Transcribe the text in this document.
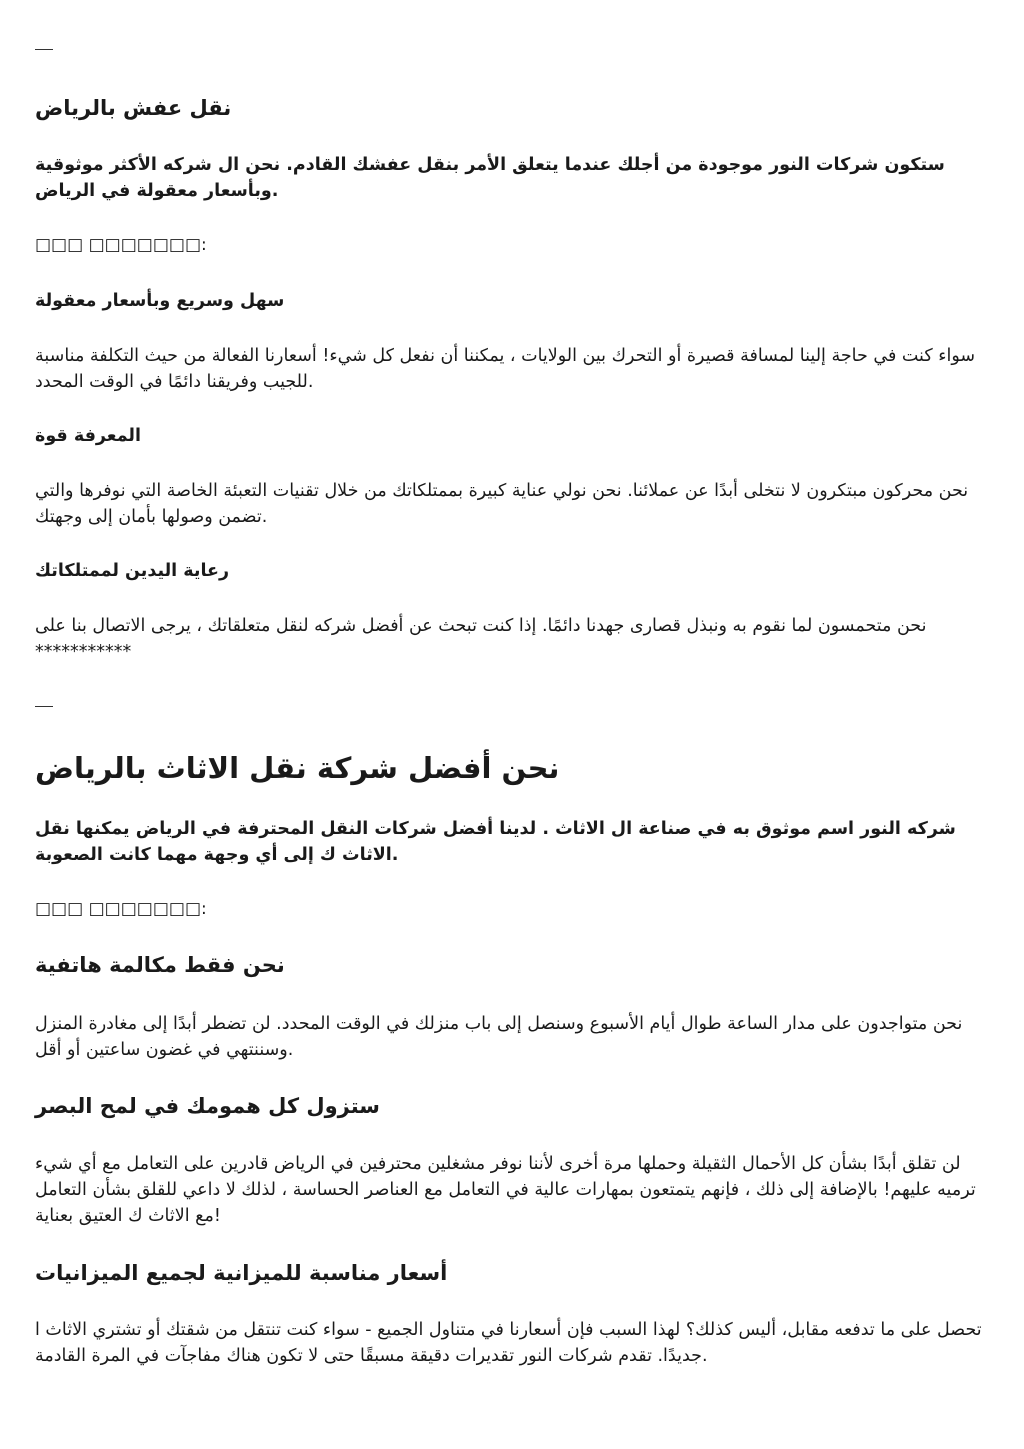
نقل عفش بالرياض
ستكون شركات النور موجودة من أجلك عندما يتعلق الأمر بنقل عفشك القادم. نحن ال شركه الأكثر موثوقية وبأسعار معقولة في الرياض.
□□□ □□□□□□□:
سهل وسريع وبأسعار معقولة
سواء كنت في حاجة إلينا لمسافة قصيرة أو التحرك بين الولايات ، يمكننا أن نفعل كل شيء! أسعارنا الفعالة من حيث التكلفة مناسبة للجيب وفريقنا دائمًا في الوقت المحدد.
المعرفة قوة
نحن محركون مبتكرون لا نتخلى أبدًا عن عملائنا. نحن نولي عناية كبيرة بممتلكاتك من خلال تقنيات التعبئة الخاصة التي نوفرها والتي تضمن وصولها بأمان إلى وجهتك.
رعاية اليدين لممتلكاتك
نحن متحمسون لما نقوم به ونبذل قصارى جهدنا دائمًا. إذا كنت تبحث عن أفضل شركه لنقل متعلقاتك ، يرجى الاتصال بنا على ***********
نحن أفضل شركة نقل الاثاث بالرياض
شركه النور اسم موثوق به في صناعة ال الاثاث . لدينا أفضل شركات النقل المحترفة في الرياض يمكنها نقل الاثاث ك إلى أي وجهة مهما كانت الصعوبة.
□□□ □□□□□□□:
نحن فقط مكالمة هاتفية
نحن متواجدون على مدار الساعة طوال أيام الأسبوع وسنصل إلى باب منزلك في الوقت المحدد. لن تضطر أبدًا إلى مغادرة المنزل وسننتهي في غضون ساعتين أو أقل.
ستزول كل همومك في لمح البصر
لن تقلق أبدًا بشأن كل الأحمال الثقيلة وحملها مرة أخرى لأننا نوفر مشغلين محترفين في الرياض قادرين على التعامل مع أي شيء ترميه عليهم! بالإضافة إلى ذلك ، فإنهم يتمتعون بمهارات عالية في التعامل مع العناصر الحساسة ، لذلك لا داعي للقلق بشأن التعامل مع الاثاث ك العتيق بعناية!
أسعار مناسبة للميزانية لجميع الميزانيات
تحصل على ما تدفعه مقابل، أليس كذلك؟ لهذا السبب فإن أسعارنا في متناول الجميع - سواء كنت تنتقل من شقتك أو تشتري الاثاث ا جديدًا. تقدم شركات النور تقديرات دقيقة مسبقًا حتى لا تكون هناك مفاجآت في المرة القادمة.
